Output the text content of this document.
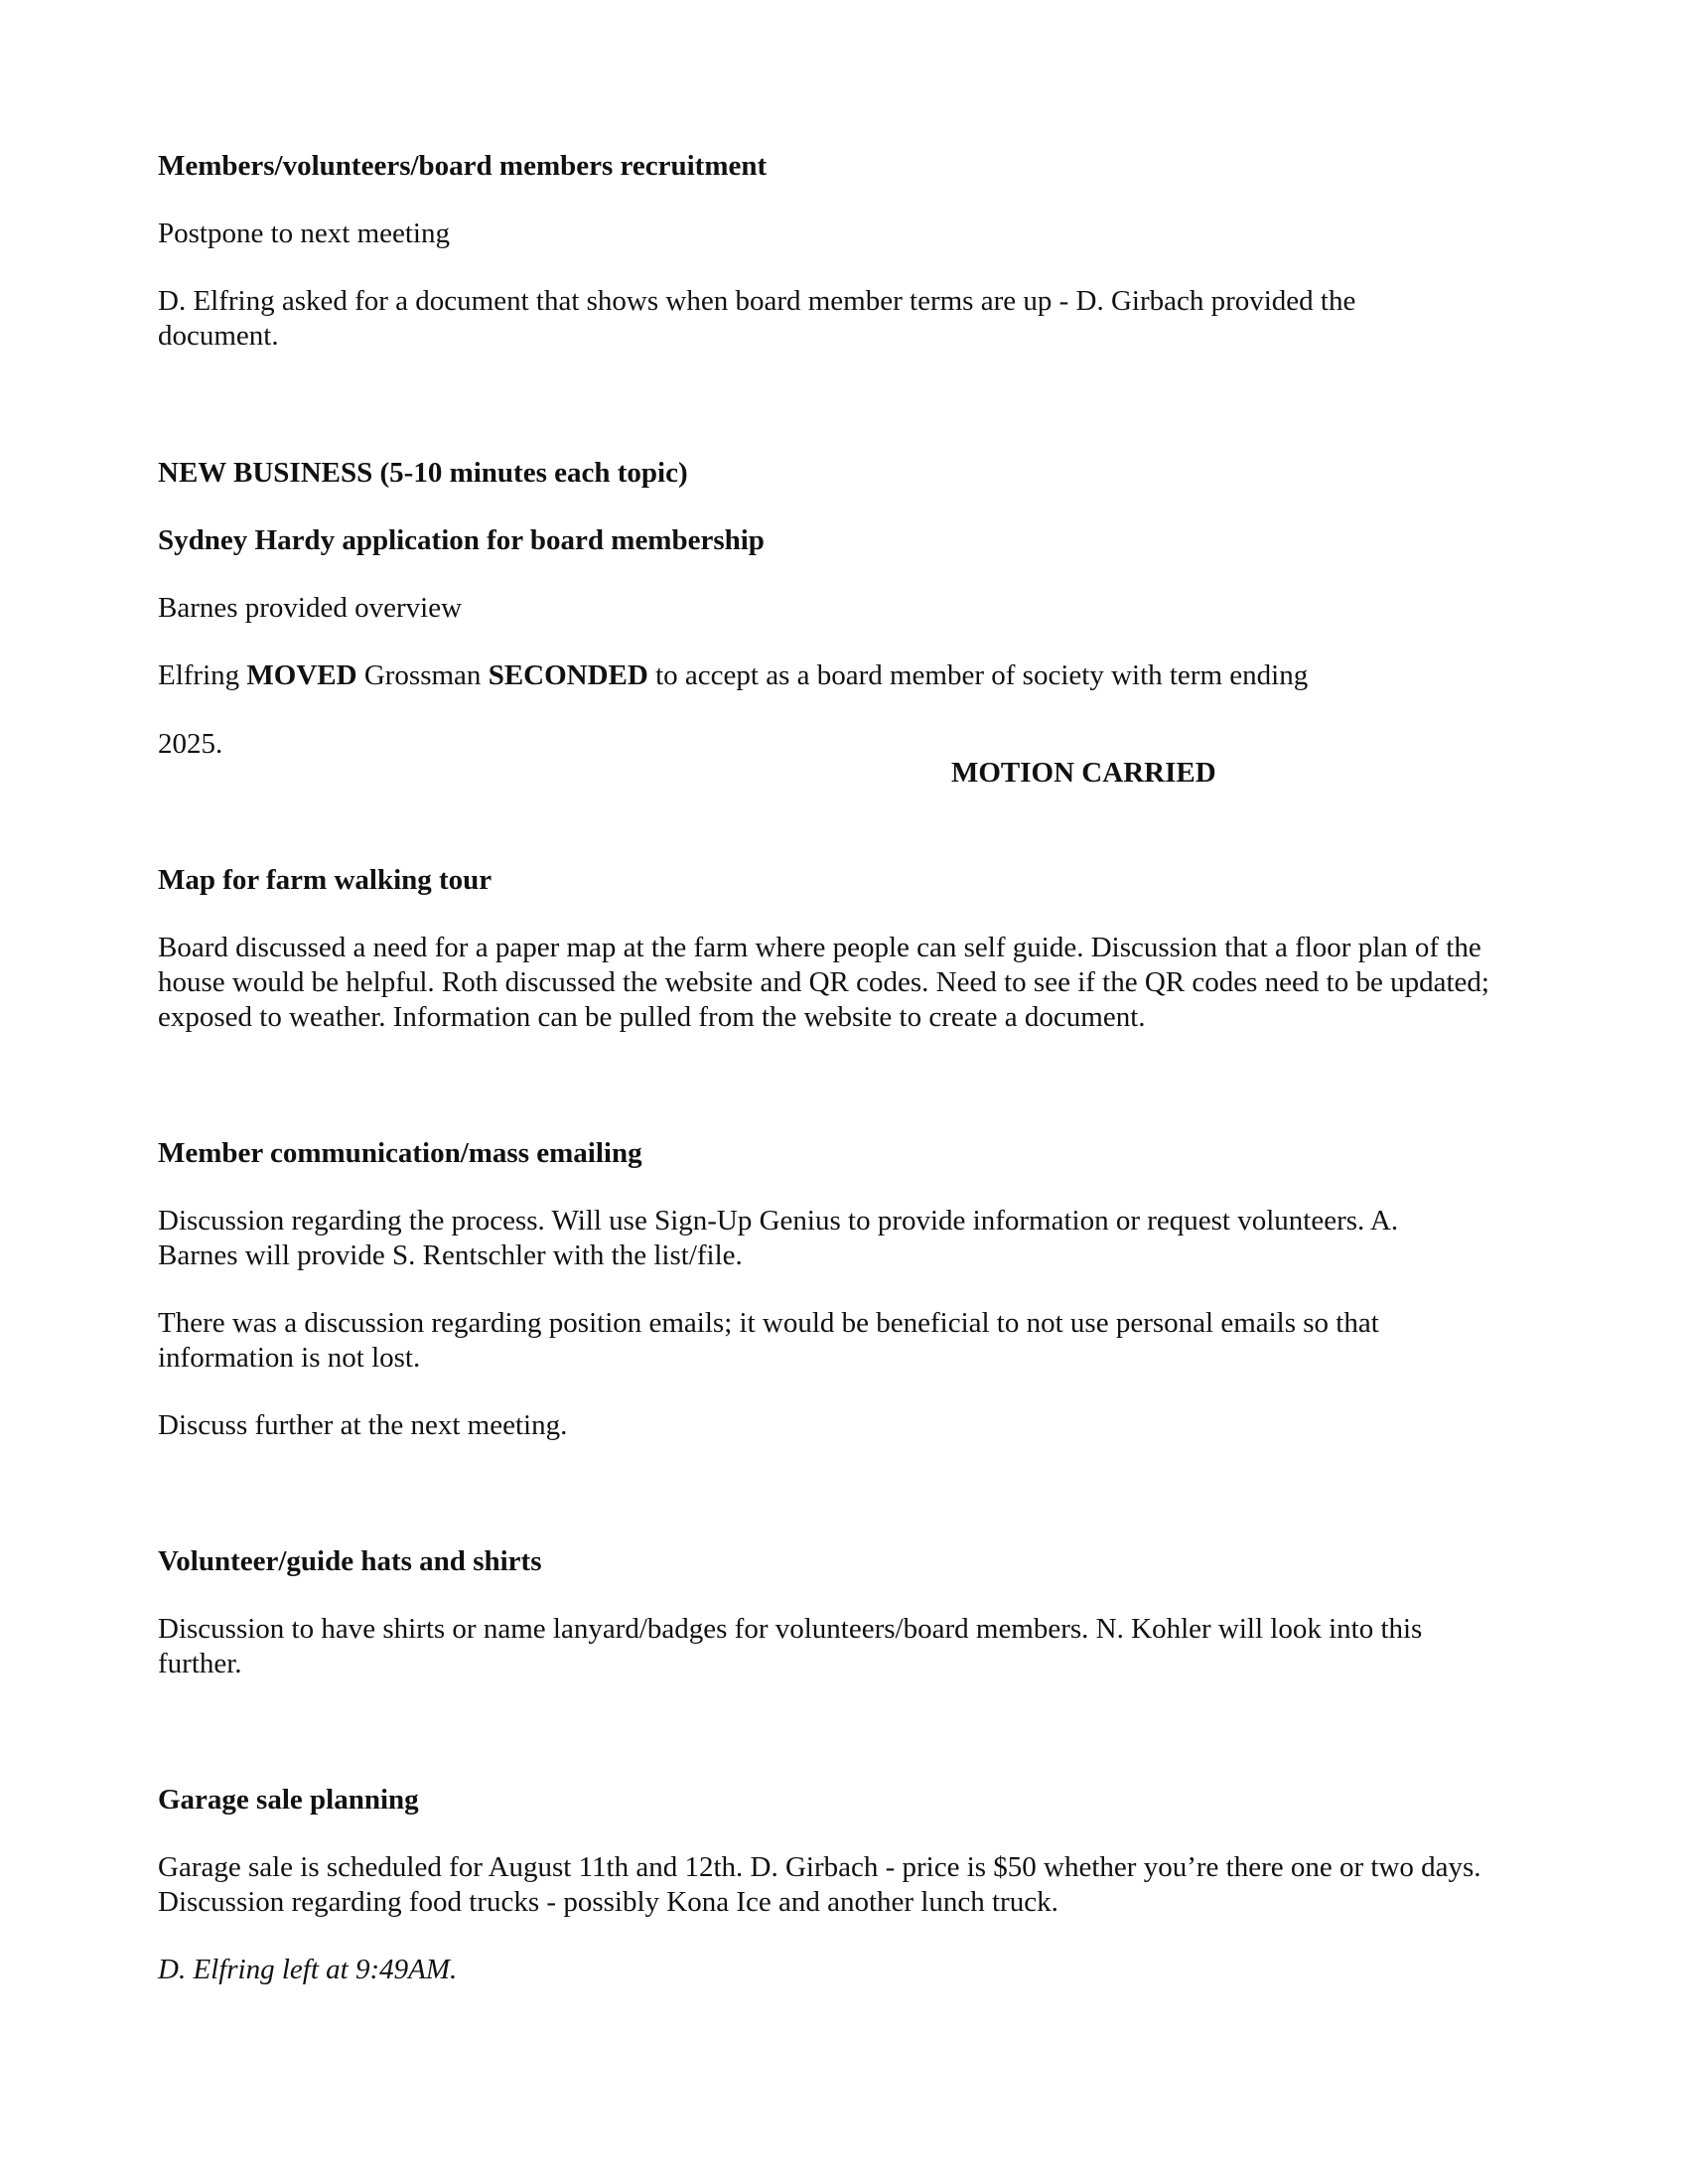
Members/volunteers/board members recruitment

Postpone to next meeting

D. Elfring asked for a document that shows when board member terms are up - D. Girbach provided the document.

NEW BUSINESS (5-10 minutes each topic)

Sydney Hardy application for board membership

Barnes provided overview

Elfring MOVED Grossman SECONDED to accept as a board member of society with term ending

2025.

MOTION CARRIED

Map for farm walking tour

Board discussed a need for a paper map at the farm where people can self guide. Discussion that a floor plan of the house would be helpful. Roth discussed the website and QR codes. Need to see if the QR codes need to be updated; exposed to weather. Information can be pulled from the website to create a document.

Member communication/mass emailing

Discussion regarding the process. Will use Sign-Up Genius to provide information or request volunteers. A. Barnes will provide S. Rentschler with the list/file.

There was a discussion regarding position emails; it would be beneficial to not use personal emails so that information is not lost.

Discuss further at the next meeting.

Volunteer/guide hats and shirts

Discussion to have shirts or name lanyard/badges for volunteers/board members. N. Kohler will look into this further.

Garage sale planning

Garage sale is scheduled for August 11th and 12th. D. Girbach - price is $50 whether you’re there one or two days. Discussion regarding food trucks - possibly Kona Ice and another lunch truck.

D. Elfring left at 9:49AM.
